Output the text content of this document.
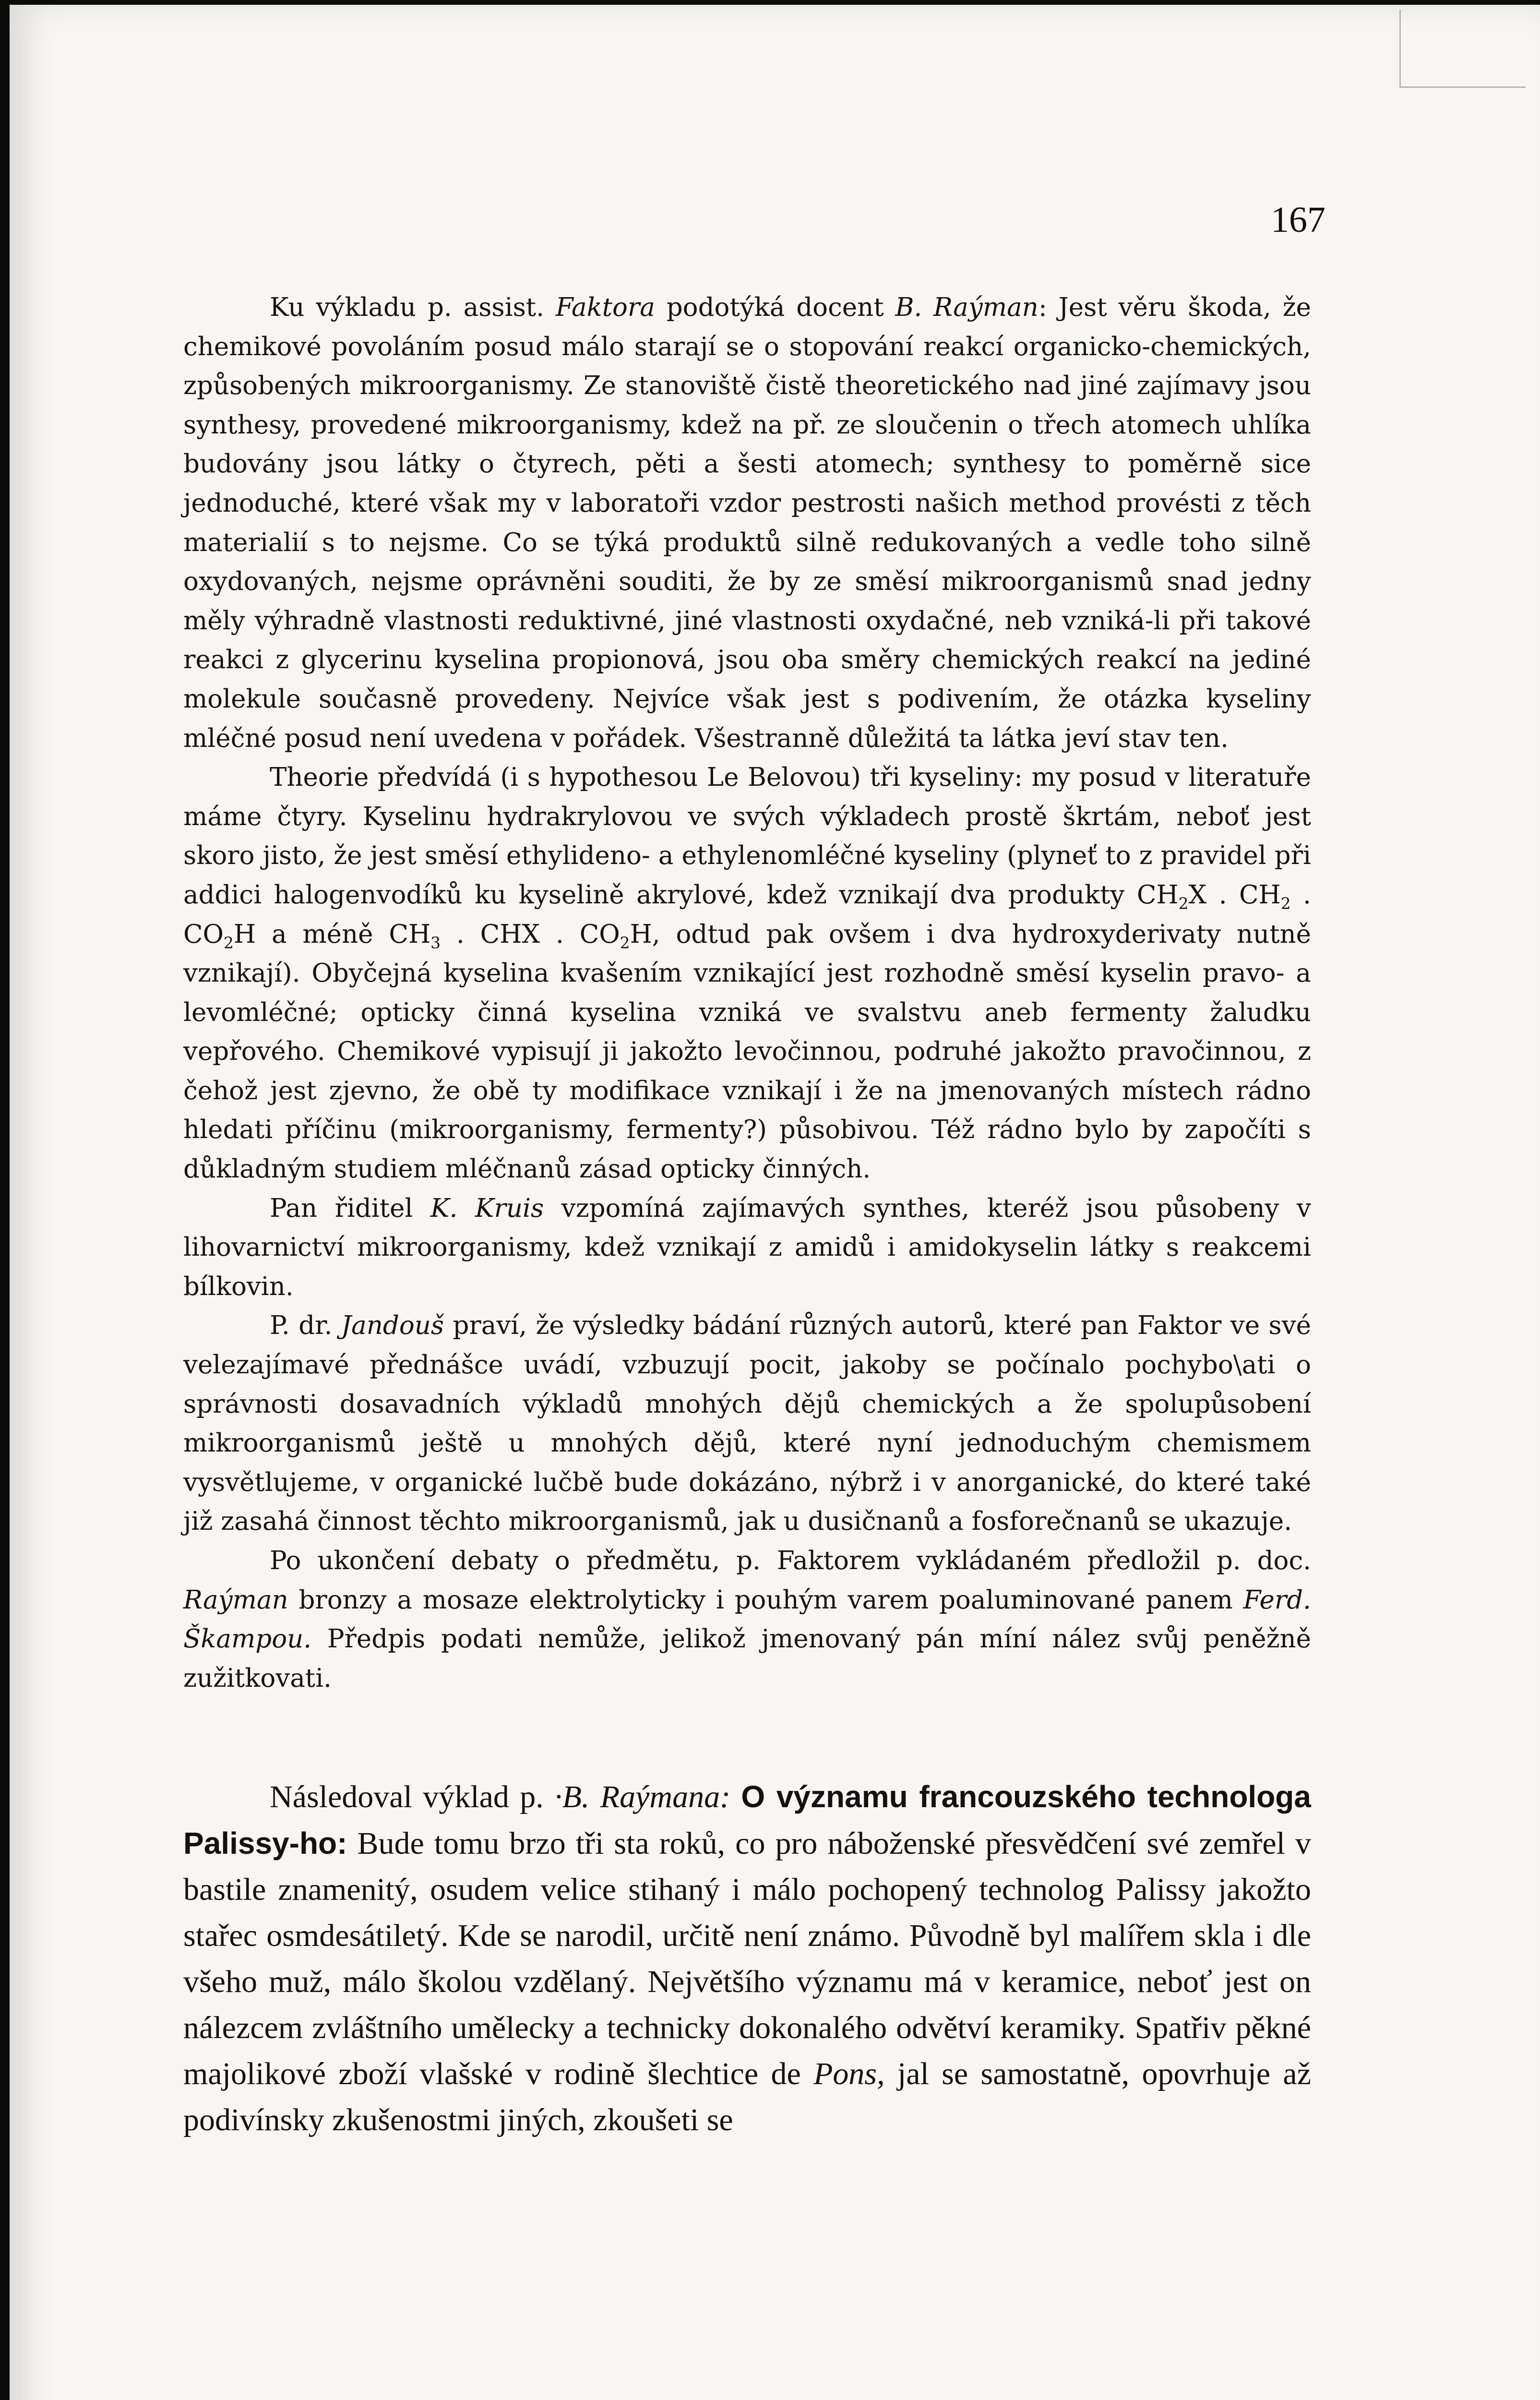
167

Ku výkladu p. assist. Faktora podotýká docent B. Raýman: Jest věru škoda, že chemikové povoláním posud málo starají se o stopování reakcí organicko-chemických, způsobených mikroorganismy. Ze stanoviště čistě theoretického nad jiné zajímavy jsou synthesy, provedené mikroorganismy, kdež na př. ze sloučenin o třech atomech uhlíka budovány jsou látky o čtyrech, pěti a šesti atomech; synthesy to poměrně sice jednoduché, které však my v laboratoři vzdor pestrosti našich method provésti z těch materialií s to nejsme. Co se týká produktů silně redukovaných a vedle toho silně oxydovaných, nejsme oprávněni souditi, že by ze směsí mikroorganismů snad jedny měly výhradně vlastnosti reduktivné, jiné vlastnosti oxydačné, neb vzniká-li při takové reakci z glycerinu kyselina propionová, jsou oba směry chemických reakcí na jediné molekule současně provedeny. Nejvíce však jest s podivením, že otázka kyseliny mléčné posud není uvedena v pořádek. Všestranně důležitá ta látka jeví stav ten.

Theorie předvídá (i s hypothesou Le Belovou) tři kyseliny: my posud v literatuře máme čtyry. Kyselinu hydrakrylovou ve svých výkladech prostě škrtám, neboť jest skoro jisto, že jest směsí ethylideno- a ethylenomléčné kyseliny (plyneť to z pravidel při addici halogenvodíků ku kyselině akrylové, kdež vznikají dva produkty $CH_2X$ . $CH_2$ . $CO_2H$ a méně $CH_3$ . CHX . $CO_2H$, odtud pak ovšem i dva hydroxyderivaty nutně vznikají). Obyčejná kyselina kvašením vznikající jest rozhodně směsí kyselin pravo- a levomléčné; opticky činná kyselina vzniká ve svalstvu aneb fermenty žaludku vepřového. Chemikové vypisují ji jakožto levočinnou, podruhé jakožto pravočinnou, z čehož jest zjevno, že obě ty modifikace vznikají i že na jmenovaných místech rádno hledati příčinu (mikroorganismy, fermenty?) působivou. Též rádno bylo by započíti s důkladným studiem mléčnanů zásad opticky činných.

Pan řiditel K. Kruis vzpomíná zajímavých synthes, kteréž jsou působeny v lihovarnictví mikroorganismy, kdež vznikají z amidů i amidokyselin látky s reakcemi bílkovin.

P. dr. Jandouš praví, že výsledky bádání různých autorů, které pan Faktor ve své velezajímavé přednášce uvádí, vzbuzují pocit, jakoby se počínalo pochybo\ati o správnosti dosavadních výkladů mnohých dějů chemických a že spolupůsobení mikroorganismů ještě u mnohých dějů, které nyní jednoduchým chemismem vysvětlujeme, v organické lučbě bude dokázáno, nýbrž i v anorganické, do které také již zasahá činnost těchto mikroorganismů, jak u dusičnanů a fosforečnanů se ukazuje.

Po ukončení debaty o předmětu, p. Faktorem vykládaném předložil p. doc. Raýman bronzy a mosaze elektrolyticky i pouhým varem poaluminované panem Ferd. Škampou. Předpis podati nemůže, jelikož jmenovaný pán míní nález svůj peněžně zužitkovati.

Následoval výklad p. ·B. Raýmana: O významu francouzského technologa Palissy-ho: Bude tomu brzo tři sta roků, co pro náboženské přesvědčení své zemřel v bastile znamenitý, osudem velice stihaný i málo pochopený technolog Palissy jakožto stařec osmdesátiletý. Kde se narodil, určitě není známo. Původně byl malířem skla i dle všeho muž, málo školou vzdělaný. Největšího významu má v keramice, neboť jest on nálezcem zvláštního umělecky a technicky dokonalého odvětví keramiky. Spatřiv pěkné majolikové zboží vlašské v rodině šlechtice de Pons, jal se samostatně, opovrhuje až podivínsky zkušenostmi jiných, zkoušeti se
